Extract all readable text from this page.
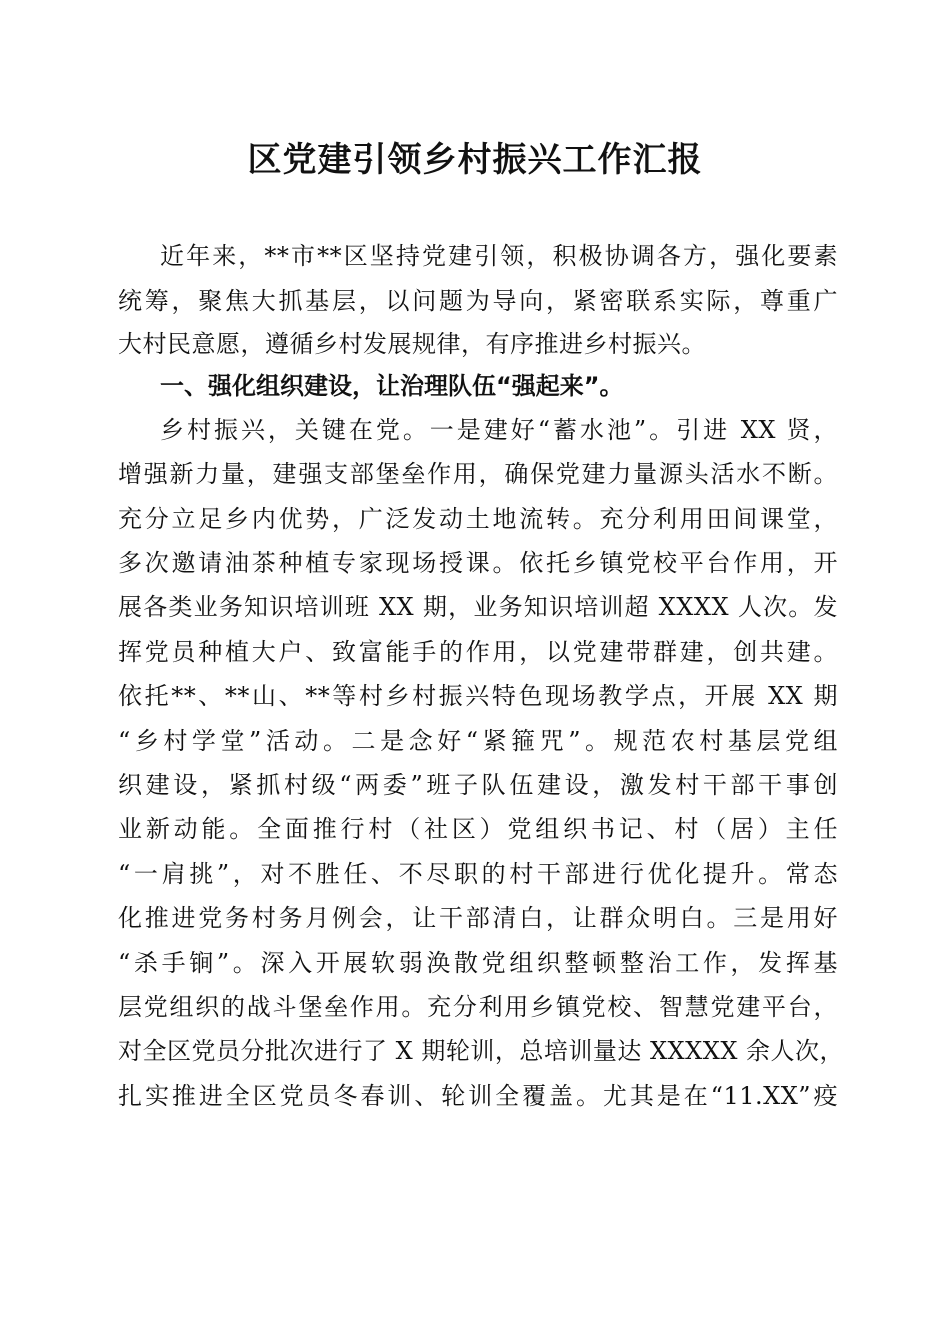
区党建引领乡村振兴工作汇报

近年来，**市**区坚持党建引领，积极协调各方，强化要素

统筹，聚焦大抓基层，以问题为导向，紧密联系实际，尊重广

大村民意愿，遵循乡村发展规律，有序推进乡村振兴。

一、强化组织建设，让治理队伍“强起来”。

乡村振兴，关键在党。一是建好“蓄水池”。引进 XX 贤，

增强新力量，建强支部堡垒作用，确保党建力量源头活水不断。

充分立足乡内优势，广泛发动土地流转。充分利用田间课堂，

多次邀请油茶种植专家现场授课。依托乡镇党校平台作用，开

展各类业务知识培训班 XX 期，业务知识培训超 XXXX 人次。发

挥党员种植大户、致富能手的作用，以党建带群建，创共建。

依托**、**山、**等村乡村振兴特色现场教学点，开展 XX 期

“乡村学堂”活动。二是念好“紧箍咒”。规范农村基层党组

织建设，紧抓村级“两委”班子队伍建设，激发村干部干事创

业新动能。全面推行村（社区）党组织书记、村（居）主任

“一肩挑”，对不胜任、不尽职的村干部进行优化提升。常态

化推进党务村务月例会，让干部清白，让群众明白。三是用好

“杀手锏”。深入开展软弱涣散党组织整顿整治工作，发挥基

层党组织的战斗堡垒作用。充分利用乡镇党校、智慧党建平台，

对全区党员分批次进行了 X 期轮训，总培训量达 XXXXX 余人次，

扎实推进全区党员冬春训、轮训全覆盖。尤其是在“11.XX”疫
